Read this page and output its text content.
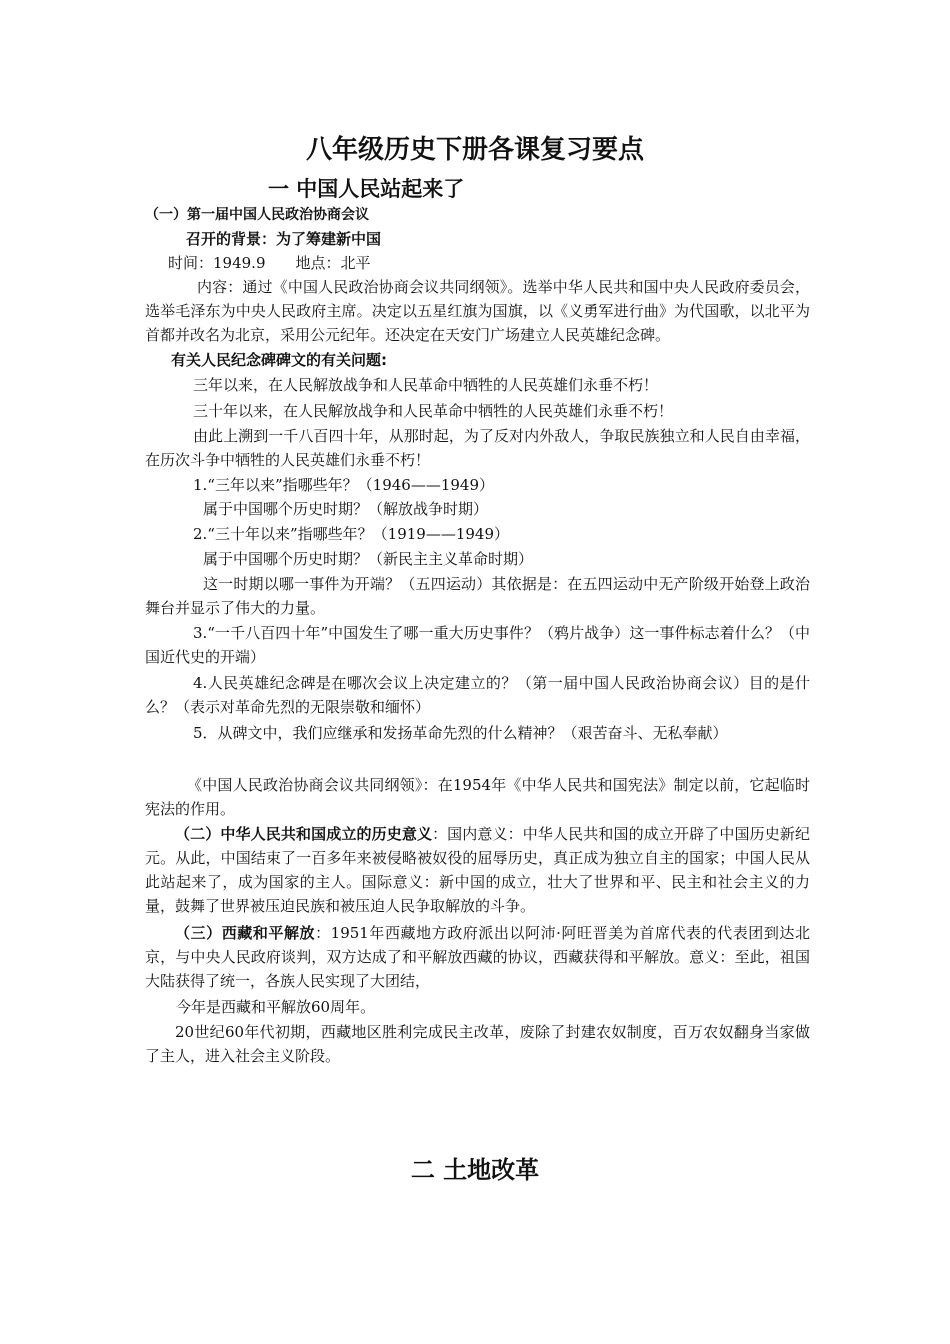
八年级历史下册各课复习要点
一 中国人民站起来了
（一）第一届中国人民政治协商会议
召开的背景：为了筹建新中国
时间：1949.9　　地点：北平
内容：通过《中国人民政治协商会议共同纲领》。选举中华人民共和国中央人民政府委员会，选举毛泽东为中央人民政府主席。决定以五星红旗为国旗，以《义勇军进行曲》为代国歌，以北平为首都并改名为北京，采用公元纪年。还决定在天安门广场建立人民英雄纪念碑。
有关人民纪念碑碑文的有关问题:
三年以来，在人民解放战争和人民革命中牺牲的人民英雄们永垂不朽！
三十年以来，在人民解放战争和人民革命中牺牲的人民英雄们永垂不朽！
由此上溯到一千八百四十年，从那时起，为了反对内外敌人，争取民族独立和人民自由幸福，在历次斗争中牺牲的人民英雄们永垂不朽！
1.“三年以来”指哪些年？（1946——1949）
属于中国哪个历史时期？（解放战争时期）
2.“三十年以来”指哪些年？（1919——1949）
属于中国哪个历史时期？（新民主主义革命时期）
这一时期以哪一事件为开端？（五四运动）其依据是：在五四运动中无产阶级开始登上政治舞台并显示了伟大的力量。
3.“一千八百四十年”中国发生了哪一重大历史事件？（鸦片战争）这一事件标志着什么？（中国近代史的开端）
4.人民英雄纪念碑是在哪次会议上决定建立的？（第一届中国人民政治协商会议）目的是什么？（表示对革命先烈的无限崇敬和缅怀）
5．从碑文中，我们应继承和发扬革命先烈的什么精神？（艰苦奋斗、无私奉献）
《中国人民政治协商会议共同纲领》：在1954年《中华人民共和国宪法》制定以前，它起临时宪法的作用。
（二）中华人民共和国成立的历史意义：国内意义：中华人民共和国的成立开辟了中国历史新纪元。从此，中国结束了一百多年来被侵略被奴役的屈辱历史，真正成为独立自主的国家；中国人民从此站起来了，成为国家的主人。国际意义：新中国的成立，壮大了世界和平、民主和社会主义的力量，鼓舞了世界被压迫民族和被压迫人民争取解放的斗争。
（三）西藏和平解放：1951年西藏地方政府派出以阿沛·阿旺晋美为首席代表的代表团到达北京，与中央人民政府谈判，双方达成了和平解放西藏的协议，西藏获得和平解放。意义：至此，祖国大陆获得了统一，各族人民实现了大团结，
今年是西藏和平解放60周年。
20世纪60年代初期，西藏地区胜利完成民主改革，废除了封建农奴制度，百万农奴翻身当家做了主人，进入社会主义阶段。
二 土地改革
